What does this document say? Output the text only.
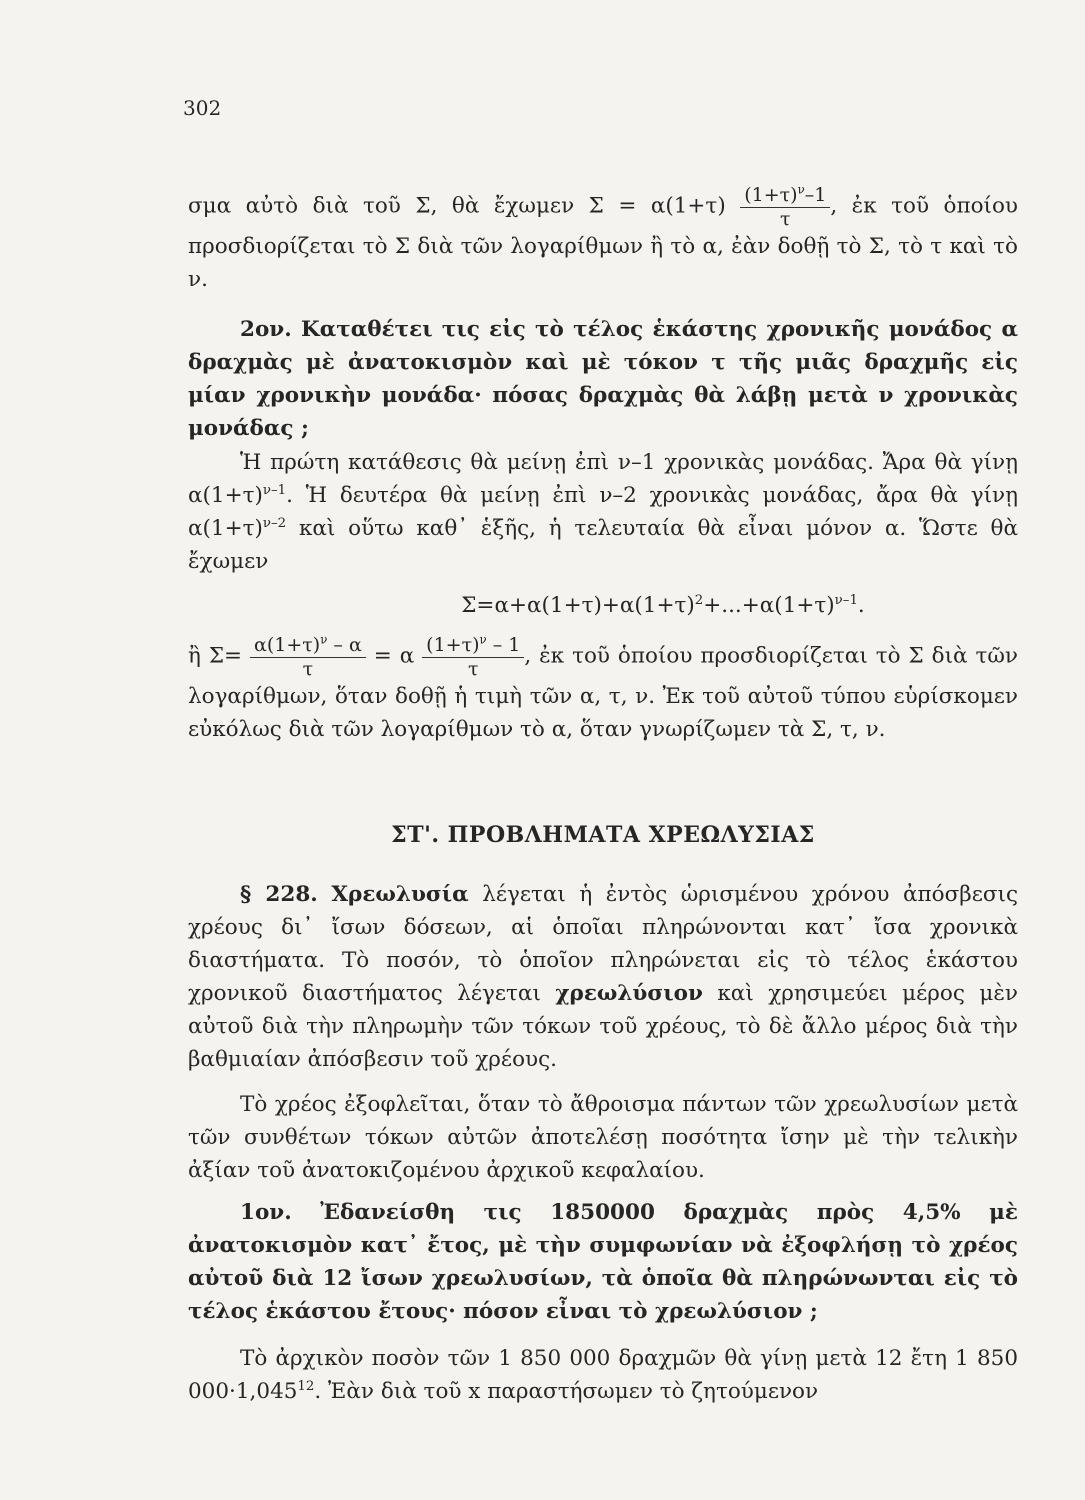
302

σμα αὐτὸ διὰ τοῦ Σ, θὰ ἔχωμεν $\Sigma = \alpha(1+\tau) \frac{(1+\tau)^\nu-1}{\tau}$ , ἐκ τοῦ ὁποίου προσδιορίζεται τὸ Σ διὰ τῶν λογαρίθμων ἢ τὸ α, ἐὰν δοθῇ τὸ Σ, τὸ τ καὶ τὸ ν.

2ον. Καταθέτει τις εἰς τὸ τέλος ἑκάστης χρονικῆς μονάδος α δραχμὰς μὲ ἀνατοκισμὸν καὶ μὲ τόκον τ τῆς μιᾶς δραχμῆς εἰς μίαν χρονικὴν μονάδα· πόσας δραχμὰς θὰ λάβῃ μετὰ ν χρονικὰς μονάδας ;

Ἡ πρώτη κατάθεσις θὰ μείνῃ ἐπὶ ν–1 χρονικὰς μονάδας. Ἄρα θὰ γίνῃ $\alpha(1+\tau)^{\nu-1}$. Ἡ δευτέρα θὰ μείνῃ ἐπὶ ν–2 χρονικὰς μονάδας, ἄρα θὰ γίνῃ $\alpha(1+\tau)^{\nu-2}$ καὶ οὕτω καθ᾽ ἑξῆς, ἡ τελευταία θὰ εἶναι μόνον α. Ὥστε θὰ ἔχωμεν

$\Sigma=\alpha+\alpha(1+\tau)+\alpha(1+\tau)^2+...+\alpha(1+\tau)^{\nu-1}$.

ἢ $\Sigma= \frac{\alpha(1+\tau)^\nu - \alpha}{\tau} = \alpha \frac{(1+\tau)^\nu - 1}{\tau}$ , ἐκ τοῦ ὁποίου προσδιορίζεται τὸ Σ διὰ τῶν λογαρίθμων, ὅταν δοθῇ ἡ τιμὴ τῶν α, τ, ν. Ἐκ τοῦ αὐτοῦ τύπου εὑρίσκομεν εὐκόλως διὰ τῶν λογαρίθμων τὸ α, ὅταν γνωρίζωμεν τὰ Σ, τ, ν.

ΣΤ'. ΠΡΟΒΛΗΜΑΤΑ ΧΡΕΩΛΥΣΙΑΣ

§ 228. Χρεωλυσία λέγεται ἡ ἐντὸς ὡρισμένου χρόνου ἀπόσβεσις χρέους δι᾽ ἴσων δόσεων, αἱ ὁποῖαι πληρώνονται κατ᾽ ἴσα χρονικὰ διαστήματα. Τὸ ποσόν, τὸ ὁποῖον πληρώνεται εἰς τὸ τέλος ἑκάστου χρονικοῦ διαστήματος λέγεται χρεωλύσιον καὶ χρησιμεύει μέρος μὲν αὐτοῦ διὰ τὴν πληρωμὴν τῶν τόκων τοῦ χρέους, τὸ δὲ ἄλλο μέρος διὰ τὴν βαθμιαίαν ἀπόσβεσιν τοῦ χρέους.

Τὸ χρέος ἐξοφλεῖται, ὅταν τὸ ἄθροισμα πάντων τῶν χρεωλυσίων μετὰ τῶν συνθέτων τόκων αὐτῶν ἀποτελέσῃ ποσότητα ἴσην μὲ τὴν τελικὴν ἀξίαν τοῦ ἀνατοκιζομένου ἀρχικοῦ κεφαλαίου.

1ον. Ἐδανείσθη τις 1850000 δραχμὰς πρὸς 4,5% μὲ ἀνατοκισμὸν κατ᾽ ἔτος, μὲ τὴν συμφωνίαν νὰ ἐξοφλήσῃ τὸ χρέος αὐτοῦ διὰ 12 ἴσων χρεωλυσίων, τὰ ὁποῖα θὰ πληρώνωνται εἰς τὸ τέλος ἑκάστου ἔτους· πόσον εἶναι τὸ χρεωλύσιον ;

Τὸ ἀρχικὸν ποσὸν τῶν 1 850 000 δραχμῶν θὰ γίνῃ μετὰ 12 ἔτη 1 850 $000\cdot 1,045^{12}$. Ἐὰν διὰ τοῦ x παραστήσωμεν τὸ ζητούμενον
